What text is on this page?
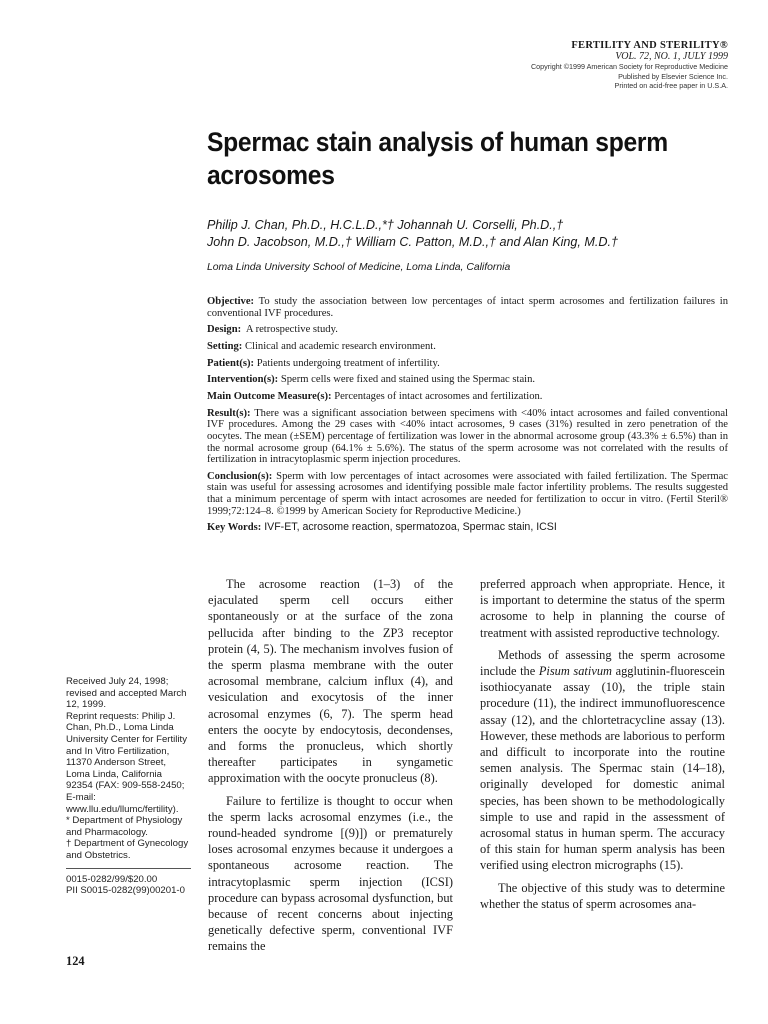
FERTILITY AND STERILITY®
VOL. 72, NO. 1, JULY 1999
Copyright ©1999 American Society for Reproductive Medicine
Published by Elsevier Science Inc.
Printed on acid-free paper in U.S.A.
Spermac stain analysis of human sperm acrosomes
Philip J. Chan, Ph.D., H.C.L.D.,*† Johannah U. Corselli, Ph.D.,†
John D. Jacobson, M.D.,† William C. Patton, M.D.,† and Alan King, M.D.†
Loma Linda University School of Medicine, Loma Linda, California

Objective: To study the association between low percentages of intact sperm acrosomes and fertilization failures in conventional IVF procedures.

Design:  A retrospective study.

Setting: Clinical and academic research environment.

Patient(s): Patients undergoing treatment of infertility.

Intervention(s): Sperm cells were fixed and stained using the Spermac stain.

Main Outcome Measure(s): Percentages of intact acrosomes and fertilization.

Result(s): There was a significant association between specimens with <40% intact acrosomes and failed conventional IVF procedures. Among the 29 cases with <40% intact acrosomes, 9 cases (31%) resulted in zero penetration of the oocytes. The mean (±SEM) percentage of fertilization was lower in the abnormal acrosome group (43.3% ± 6.5%) than in the normal acrosome group (64.1% ± 5.6%). The status of the sperm acrosome was not correlated with the results of fertilization in intracytoplasmic sperm injection procedures.

Conclusion(s): Sperm with low percentages of intact acrosomes were associated with failed fertilization. The Spermac stain was useful for assessing acrosomes and identifying possible male factor infertility problems. The results suggested that a minimum percentage of sperm with intact acrosomes are needed for fertilization to occur in vitro. (Fertil Steril® 1999;72:124–8. ©1999 by American Society for Reproductive Medicine.)

Key Words: IVF-ET, acrosome reaction, spermatozoa, Spermac stain, ICSI

The acrosome reaction (1–3) of the ejaculated sperm cell occurs either spontaneously or at the surface of the zona pellucida after binding to the ZP3 receptor protein (4, 5). The mechanism involves fusion of the sperm plasma membrane with the outer acrosomal membrane, calcium influx (4), and vesiculation and exocytosis of the inner acrosomal enzymes (6, 7). The sperm head enters the oocyte by endocytosis, decondenses, and forms the pronucleus, which shortly thereafter participates in syngametic approximation with the oocyte pronucleus (8).

Failure to fertilize is thought to occur when the sperm lacks acrosomal enzymes (i.e., the round-headed syndrome [(9)]) or prematurely loses acrosomal enzymes because it undergoes a spontaneous acrosome reaction. The intracytoplasmic sperm injection (ICSI) procedure can bypass acrosomal dysfunction, but because of recent concerns about injecting genetically defective sperm, conventional IVF remains the

preferred approach when appropriate. Hence, it is important to determine the status of the sperm acrosome to help in planning the course of treatment with assisted reproductive technology.

Methods of assessing the sperm acrosome include the Pisum sativum agglutinin-fluorescein isothiocyanate assay (10), the triple stain procedure (11), the indirect immunofluorescence assay (12), and the chlortetracycline assay (13). However, these methods are laborious to perform and difficult to incorporate into the routine semen analysis. The Spermac stain (14–18), originally developed for domestic animal species, has been shown to be methodologically simple to use and rapid in the assessment of acrosomal status in human sperm. The accuracy of this stain for human sperm analysis has been verified using electron micrographs (15).

The objective of this study was to determine whether the status of sperm acrosomes ana-

Received July 24, 1998; revised and accepted March 12, 1999.
Reprint requests: Philip J. Chan, Ph.D., Loma Linda University Center for Fertility and In Vitro Fertilization, 11370 Anderson Street, Loma Linda, California 92354 (FAX: 909-558-2450; E-mail: www.llu.edu/llumc/fertility).
* Department of Physiology and Pharmacology.
† Department of Gynecology and Obstetrics.
0015-0282/99/$20.00
PII S0015-0282(99)00201-0
124
